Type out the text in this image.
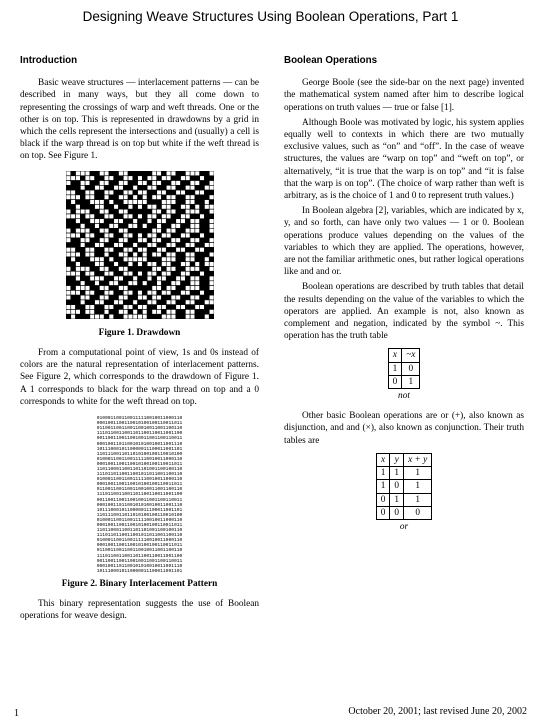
Designing Weave Structures Using Boolean Operations, Part 1
Introduction

Basic weave structures — interlacement patterns — can be described in many ways, but they all come down to representing the crossings of warp and weft threads. One or the other is on top. This is represented in drawdowns by a grid in which the cells represent the intersections and (usually) a cell is black if the warp thread is on top but white if the weft thread is on top. See Figure 1.

Figure 1. Drawdown

From a computational point of view, 1s and 0s instead of colors are the natural representation of interlacement patterns. See Figure 2, which corresponds to the drawdown of Figure 1. A 1 corresponds to black for the warp thread on top and a 0 corresponds to white for the weft thread on top.

0100011001100111110010011000110
0001001100110010100100110011011
0110011001100110010011001100110
1110110011001101100110011001100
0011001100110010011001100110011
0001001101100101010010011001110
1011100010110000011100011001101
1101110011011010100100110010100
0100011001100111110010011000110
0001001100110010100100110011011
1101100011001101101001100100110
1110110110011001011011001100110
0100011001100111110010011000110
0001001100110010100100110011011
0110011001100110010011001100110
1110110011001101100110011001100
0011001100110010011001100110011
0001001101100101010010011001110
1011100010110000011100011001101
1101110011011010100100110010100
0100011001100111110010011000110
0001001100110010100100110011011
1101100011001101101001100100110
1110110110011001011011001100110
0100011001100111110010011000110
0001001100110010100100110011011
0110011001100110010011001100110
1110110011001101100110011001100
0011001100110010011001100110011
0001001101100101010010011001110
1011100010110000011100011001101
Figure 2. Binary Interlacement Pattern

This binary representation suggests the use of Boolean operations for weave design.

Boolean Operations

George Boole (see the side-bar on the next page) invented the mathematical system named after him to describe logical operations on truth values — true or false [1].

Although Boole was motivated by logic, his system applies equally well to contexts in which there are two mutually exclusive values, such as “on” and “off”. In the case of weave structures, the values are “warp on top” and “weft on top”, or alternatively, “it is true that the warp is on top” and “it is false that the warp is on top”. (The choice of warp rather than weft is arbitrary, as is the choice of 1 and 0 to represent truth values.)

In Boolean algebra [2], variables, which are indicated by x, y, and so forth, can have only two values — 1 or 0. Boolean operations produce values depending on the values of the variables to which they are applied. The operations, however, are not the familiar arithmetic ones, but rather logical operations like and and or.

Boolean operations are described by truth tables that detail the results depending on the value of the variables to which the operators are applied. An example is not, also known as complement and negation, indicated by the symbol ~. This operation has the truth table

x	~x
1	0
0	1
not

Other basic Boolean operations are or (+), also known as disjunction, and and (×), also known as conjunction. Their truth tables are

x	y	x + y
1	1	1
1	0	1
0	1	1
0	0	0
or
1	October 20, 2001; last revised June 20, 2002
